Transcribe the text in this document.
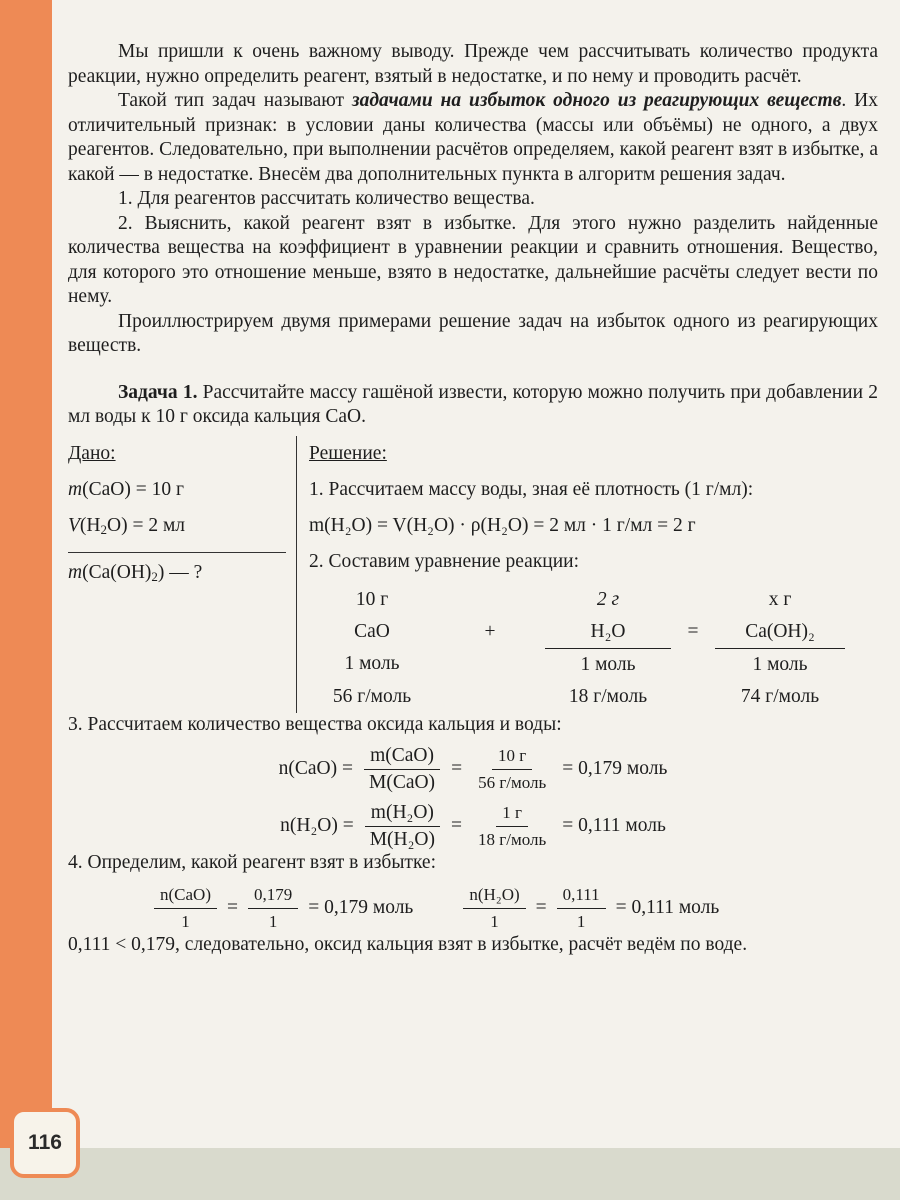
Мы пришли к очень важному выводу. Прежде чем рассчитывать количество продукта реакции, нужно определить реагент, взятый в недостатке, и по нему и проводить расчёт.

Такой тип задач называют задачами на избыток одного из реагирующих веществ. Их отличительный признак: в условии даны количества (массы или объёмы) не одного, а двух реагентов. Следовательно, при выполнении расчётов определяем, какой реагент взят в избытке, а какой — в недостатке. Внесём два дополнительных пункта в алгоритм решения задач.

1. Для реагентов рассчитать количество вещества.

2. Выяснить, какой реагент взят в избытке. Для этого нужно разделить найденные количества вещества на коэффициент в уравнении реакции и сравнить отношения. Вещество, для которого это отношение меньше, взято в недостатке, дальнейшие расчёты следует вести по нему.

Проиллюстрируем двумя примерами решение задач на избыток одного из реагирующих веществ.

Задача 1. Рассчитайте массу гашёной извести, которую можно получить при добавлении 2 мл воды к 10 г оксида кальция CaO.

Дано:
m(CaO) = 10 г
$V(H_2O) = 2$ мл
$m(Ca(OH)_2)$ — ?
Решение:
1. Рассчитаем массу воды, зная её плотность (1 г/мл):
m(H₂O) = V(H₂O) · ρ(H₂O) = 2 мл · 1 г/мл = 2 г
2. Составим уравнение реакции:
10 г	2 г	x г
CaO	+	H₂O	=	Ca(OH)₂
1 моль	1 моль	1 моль
56 г/моль	18 г/моль	74 г/моль

3. Рассчитаем количество вещества оксида кальция и воды:

$n(CaO) = \frac{\text{m(CaO)}}{\text{M(CaO)}} = \frac{10 г}{\text{56 г/моль}} = 0,179$ моль
$n(H_2O) = \frac{\text{m(H₂O)}}{\text{M(H₂O)}} = \frac{1 г}{\text{18 г/моль}} = 0,111$ моль

4. Определим, какой реагент взят в избытке:

$\frac{\text{n(CaO)}}{1} = \frac{0,179}{1} = 0,179$ моль	$\frac{\text{n(H₂O)}}{1} = \frac{0,111}{1} = 0,111$ моль

0,111 < 0,179, следовательно, оксид кальция взят в избытке, расчёт ведём по воде.

116
